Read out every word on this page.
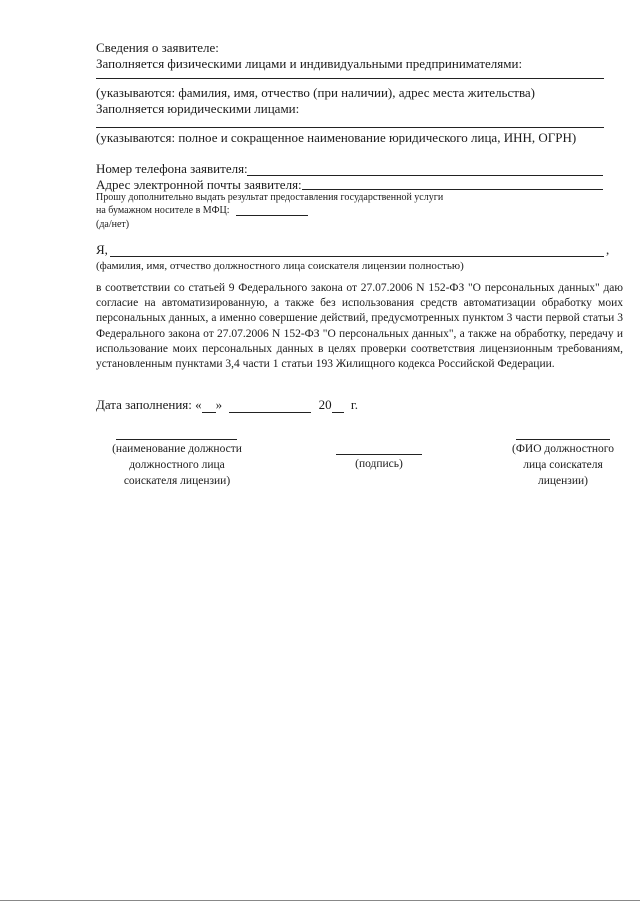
Сведения о заявителе:
Заполняется физическими лицами и индивидуальными предпринимателями:
(указываются: фамилия, имя, отчество (при наличии), адрес места жительства)
Заполняется юридическими лицами:
(указываются: полное и сокращенное наименование юридического лица, ИНН, ОГРН)
Номер телефона заявителя:
Адрес электронной почты заявителя:
Прошу дополнительно выдать результат предоставления государственной услуги
на бумажном носителе в МФЦ:
(да/нет)
Я,	,
(фамилия, имя, отчество должностного лица соискателя лицензии полностью)
в соответствии со статьей 9 Федерального закона от 27.07.2006 N 152-ФЗ "О персональных данных" даю согласие на автоматизированную, а также без использования средств автоматизации обработку моих персональных данных, а именно совершение действий, предусмотренных пунктом 3 части первой статьи 3 Федерального закона от 27.07.2006 N 152-ФЗ "О персональных данных", а также на обработку, передачу и использование моих персональных данных в целях проверки соответствия лицензионным требованиям, установленным пунктами 3,4 части 1 статьи 193 Жилищного кодекса Российской Федерации.
Дата заполнения: « »	20 г.
(наименование должности должностного лица соискателя лицензии)
(подпись)
(ФИО должностного лица соискателя лицензии)
